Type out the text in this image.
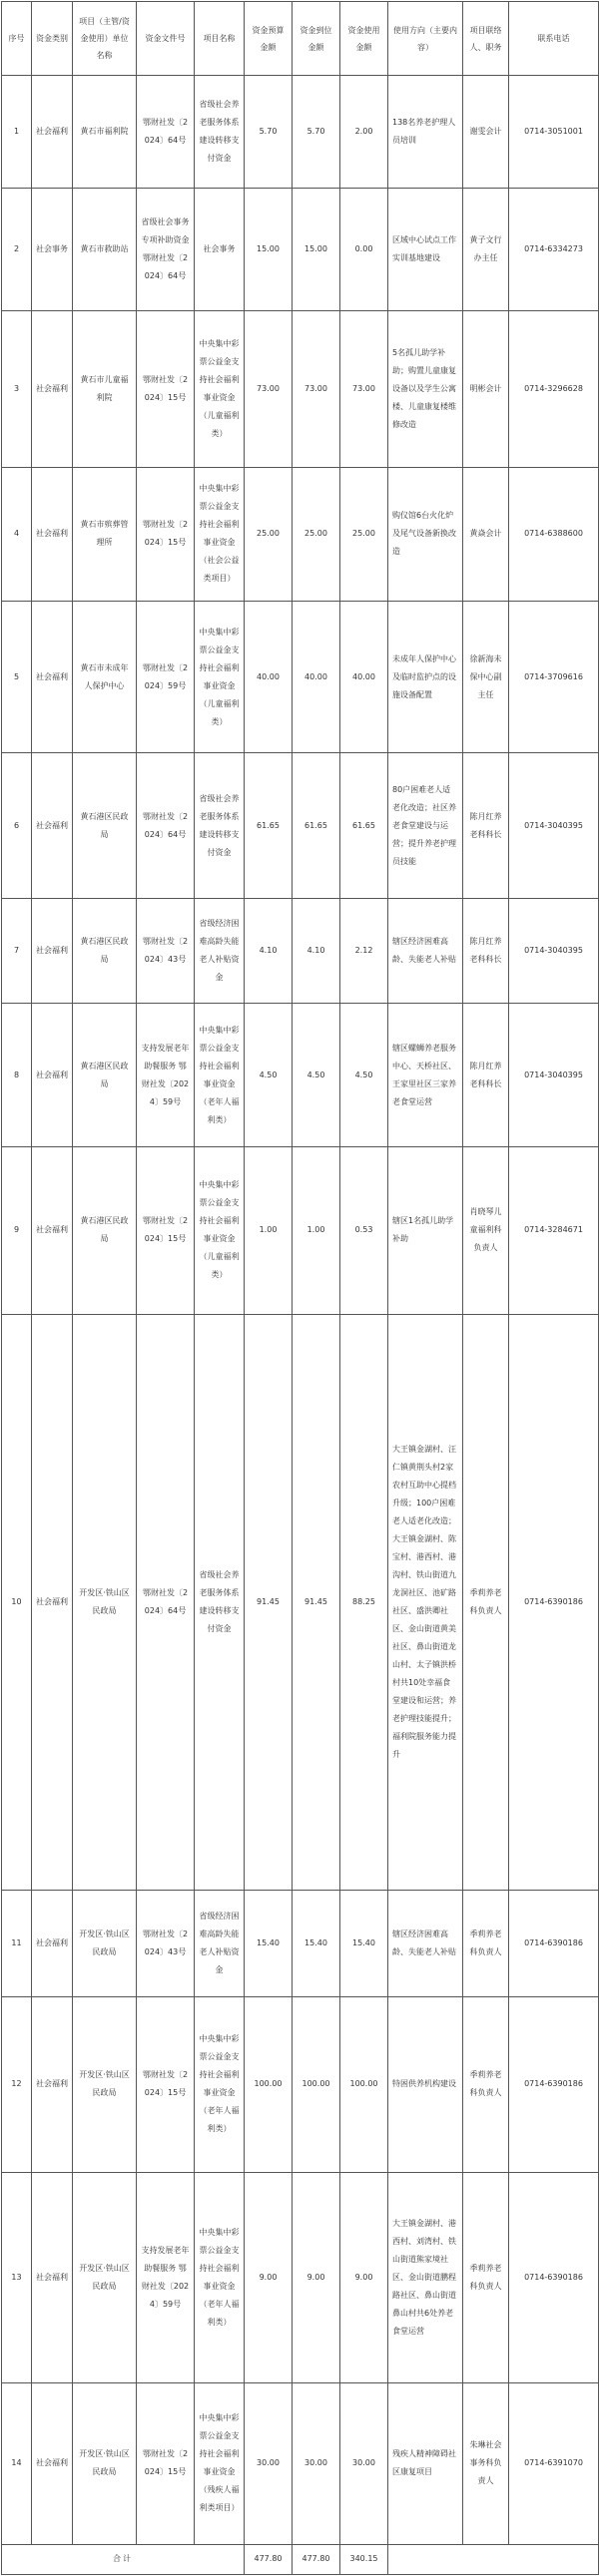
序号	资金类别	项目（主管/资金使用）单位名称	资金文件号	项目名称	资金预算金额	资金到位金额	资金使用金额	使用方向（主要内容）	项目联络人、职务	联系电话
1	社会福利	黄石市福利院	鄂财社发〔2024〕64号	省级社会养老服务体系建设转移支付资金	5.70	5.70	2.00	138名养老护理人员培训	谢雯会计	0714-3051001
2	社会事务	黄石市救助站	省级社会事务专项补助资金鄂财社发〔2024〕64号	社会事务	15.00	15.00	0.00	区域中心试点工作实训基地建设	黄子文行办主任	0714-6334273
3	社会福利	黄石市儿童福利院	鄂财社发〔2024〕15号	中央集中彩票公益金支持社会福利事业资金（儿童福利类）	73.00	73.00	73.00	5名孤儿助学补助；购置儿童康复设备以及学生公寓楼、儿童康复楼维修改造	明彬会计	0714-3296628
4	社会福利	黄石市殡葬管理所	鄂财社发〔2024〕15号	中央集中彩票公益金支持社会福利事业资金（社会公益类项目）	25.00	25.00	25.00	购仪馆6台火化炉及尾气设备新换改造	黄焱会计	0714-6388600
5	社会福利	黄石市未成年人保护中心	鄂财社发〔2024〕59号	中央集中彩票公益金支持社会福利事业资金（儿童福利类）	40.00	40.00	40.00	未成年人保护中心及临时监护点的设施设备配置	徐新海未保中心副主任	0714-3709616
6	社会福利	黄石港区民政局	鄂财社发〔2024〕64号	省级社会养老服务体系建设转移支付资金	61.65	61.65	61.65	80户困难老人适老化改造；社区养老食堂建设与运营；提升养老护理员技能	陈月红养老科科长	0714-3040395
7	社会福利	黄石港区民政局	鄂财社发〔2024〕43号	省级经济困难高龄失能老人补贴资金	4.10	4.10	2.12	辖区经济困难高龄、失能老人补贴	陈月红养老科科长	0714-3040395
8	社会福利	黄石港区民政局	支持发展老年助餐服务 鄂财社发〔2024〕59号	中央集中彩票公益金支持社会福利事业资金（老年人福利类）	4.50	4.50	4.50	辖区螺蛳养老服务中心、天桥社区、王家里社区三家养老食堂运营	陈月红养老科科长	0714-3040395
9	社会福利	黄石港区民政局	鄂财社发〔2024〕15号	中央集中彩票公益金支持社会福利事业资金（儿童福利类）	1.00	1.00	0.53	辖区1名孤儿助学补助	肖晓琴儿童福利科负责人	0714-3284671
10	社会福利	开发区·铁山区民政局	鄂财社发〔2024〕64号	省级社会养老服务体系建设转移支付资金	91.45	91.45	88.25	大王镇金湖村、汪仁镇黄荆头村2家农村互助中心提档升级；100户困难老人适老化改造；大王镇金湖村、陈宝村、港西村、港沟村、铁山街道九龙洞社区、池矿路社区、盛洪卿社区、金山街道黄美社区、鼻山街道龙山村、太子镇洪桥村共10处幸福食堂建设和运营；养老护理技能提升；福利院服务能力提升	季莉养老科负责人	0714-6390186
11	社会福利	开发区·铁山区民政局	鄂财社发〔2024〕43号	省级经济困难高龄失能老人补贴资金	15.40	15.40	15.40	辖区经济困难高龄、失能老人补贴	季莉养老科负责人	0714-6390186
12	社会福利	开发区·铁山区民政局	鄂财社发〔2024〕15号	中央集中彩票公益金支持社会福利事业资金（老年人福利类）	100.00	100.00	100.00	特困供养机构建设	季莉养老科负责人	0714-6390186
13	社会福利	开发区·铁山区民政局	支持发展老年助餐服务 鄂财社发〔2024〕59号	中央集中彩票公益金支持社会福利事业资金（老年人福利类）	9.00	9.00	9.00	大王镇金湖村、港西村、刘湾村、铁山街道熊家境社区、金山街道鹏程路社区、鼻山街道鼻山村共6处养老食堂运营	季莉养老科负责人	0714-6390186
14	社会福利	开发区·铁山区民政局	鄂财社发〔2024〕15号	中央集中彩票公益金支持社会福利事业资金（残疾人福利类项目）	30.00	30.00	30.00	残疾人精神障碍社区康复项目	朱琳社会事务科负责人	0714-6391070
合计					477.80	477.80	340.15			
